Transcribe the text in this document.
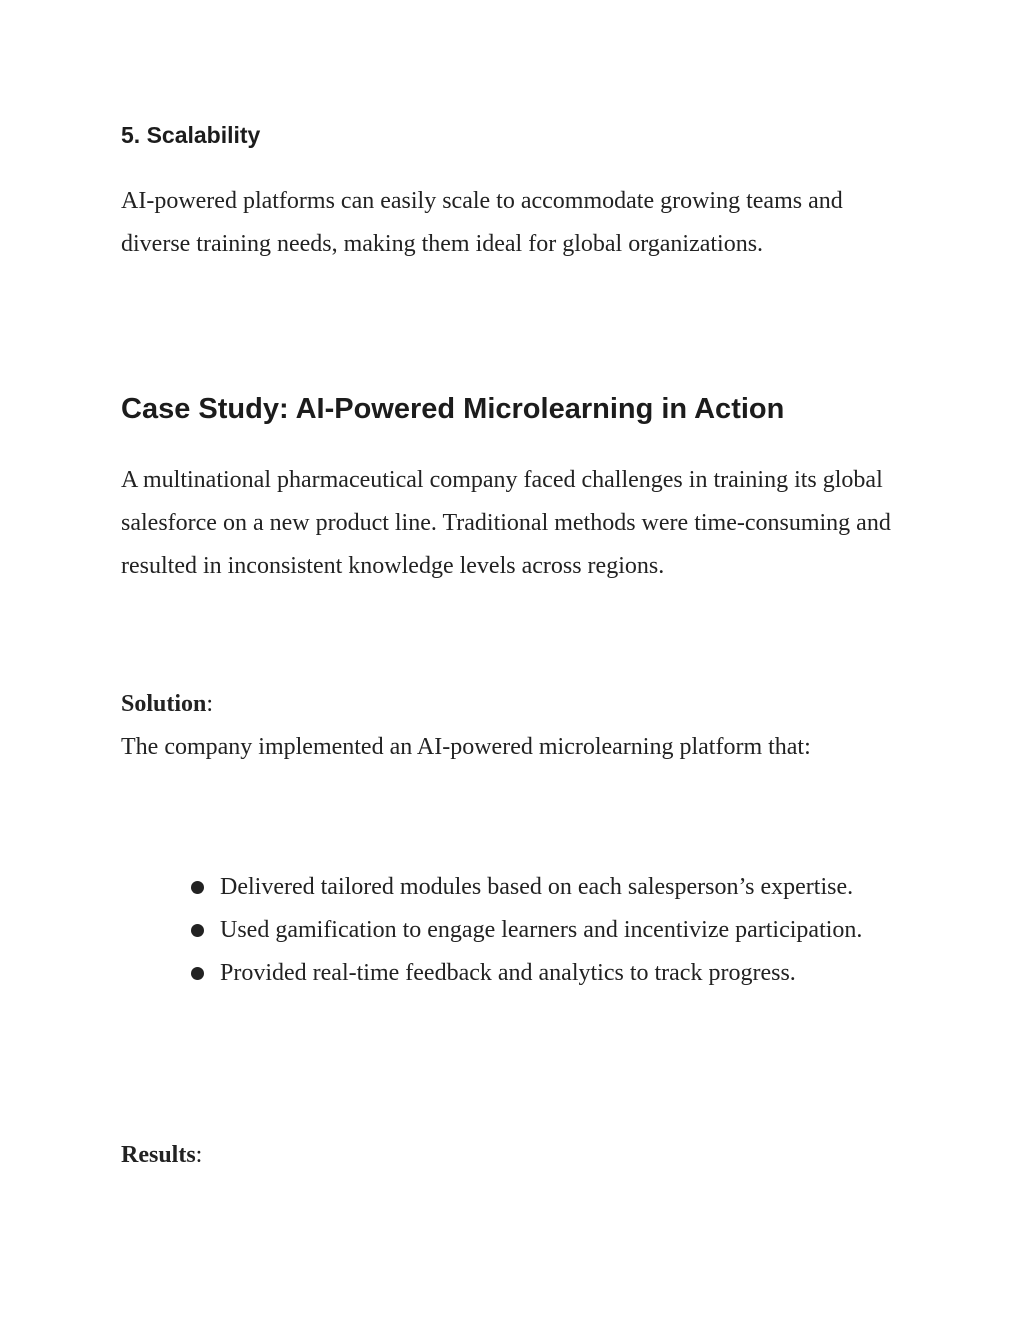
5. Scalability

AI-powered platforms can easily scale to accommodate growing teams and diverse training needs, making them ideal for global organizations.

Case Study: AI-Powered Microlearning in Action

A multinational pharmaceutical company faced challenges in training its global salesforce on a new product line. Traditional methods were time-consuming and resulted in inconsistent knowledge levels across regions.

Solution:

The company implemented an AI-powered microlearning platform that:

Delivered tailored modules based on each salesperson’s expertise.
Used gamification to engage learners and incentivize participation.
Provided real-time feedback and analytics to track progress.

Results:
